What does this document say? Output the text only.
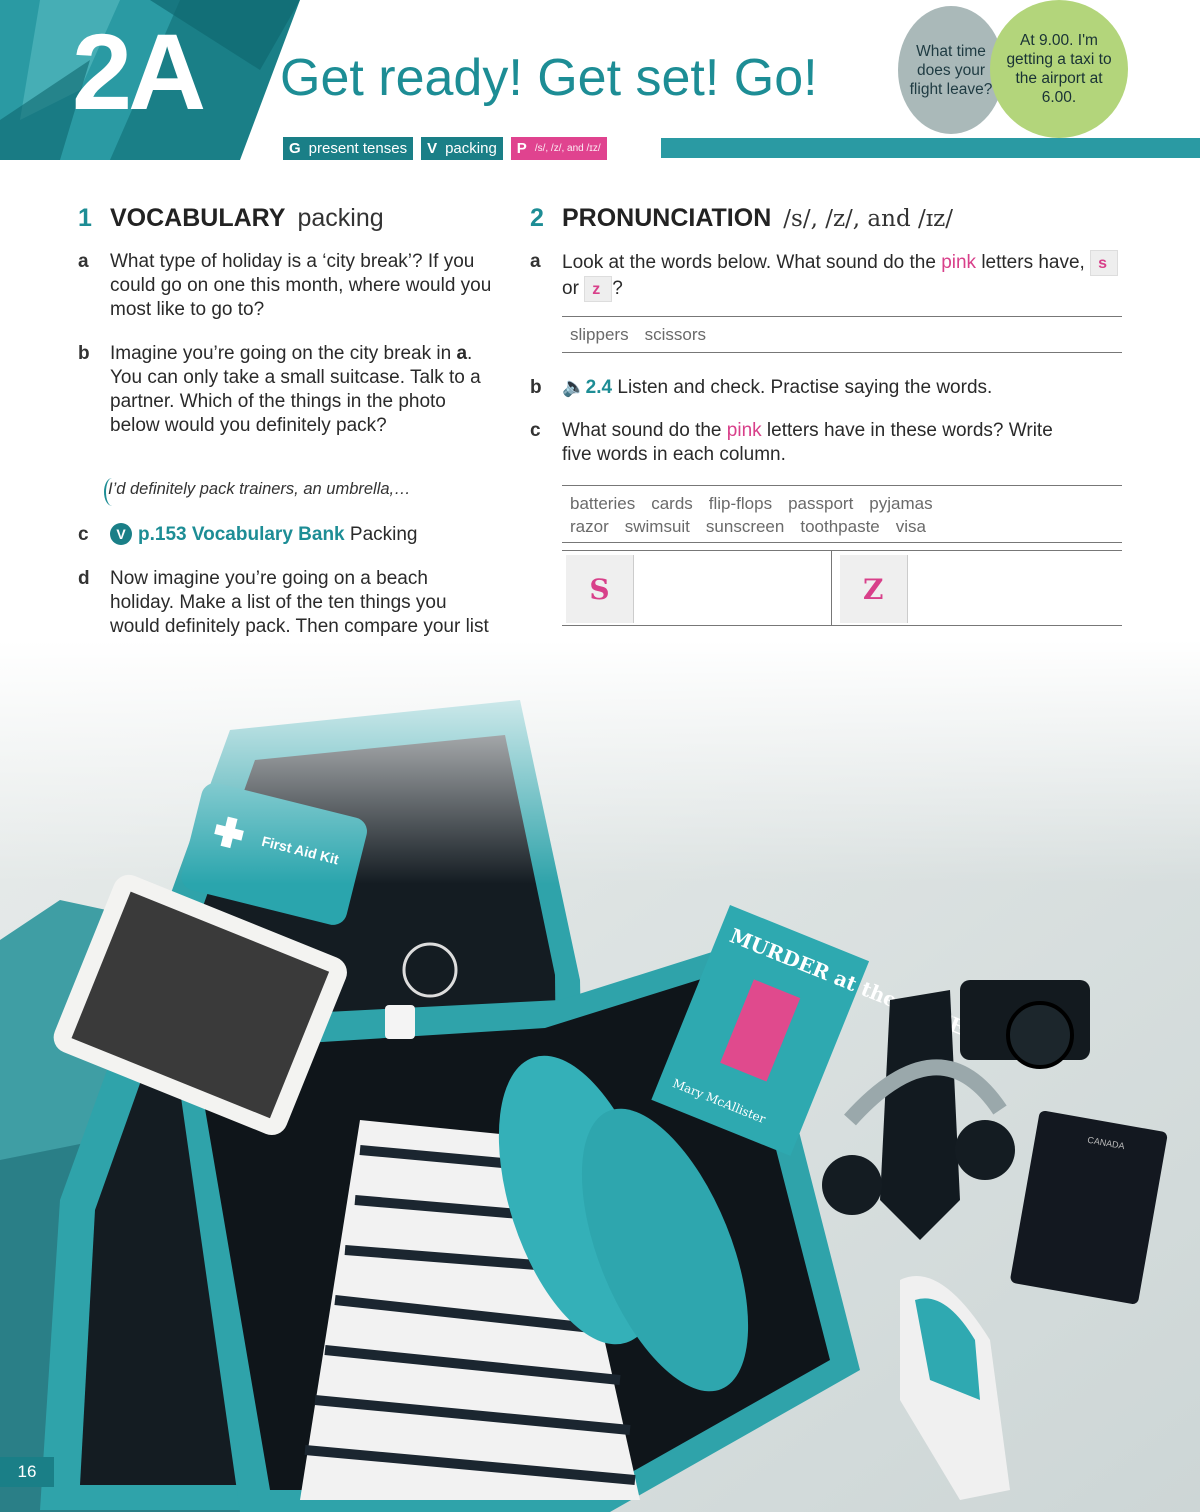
2A Get ready! Get set! Go!
G present tenses V packing P /s/, /z/, and /ɪz/
What time does your flight leave?
At 9.00. I'm getting a taxi to the airport at 6.00.
1 VOCABULARY packing
a What type of holiday is a ‘city break’? If you could go on one this month, where would you most like to go to?
b Imagine you’re going on the city break in a. You can only take a small suitcase. Talk to a partner. Which of the things in the photo below would you definitely pack?
I’d definitely pack trainers, an umbrella,…
c	V p.153 Vocabulary Bank Packing
d Now imagine you’re going on a beach holiday. Make a list of the ten things you would definitely pack. Then compare your list
2 PRONUNCIATION /s/, /z/, and /ɪz/
a Look at the words below. What sound do the pink letters have, s
or z ?
slippers scissors
b 🔈2.4 Listen and check. Practise saying the words.
c What sound do the pink letters have in these words? Write five words in each column.
batteries cards flip-flops passport pyjamas
razor swimsuit sunscreen toothpaste visa
S	Z
16
